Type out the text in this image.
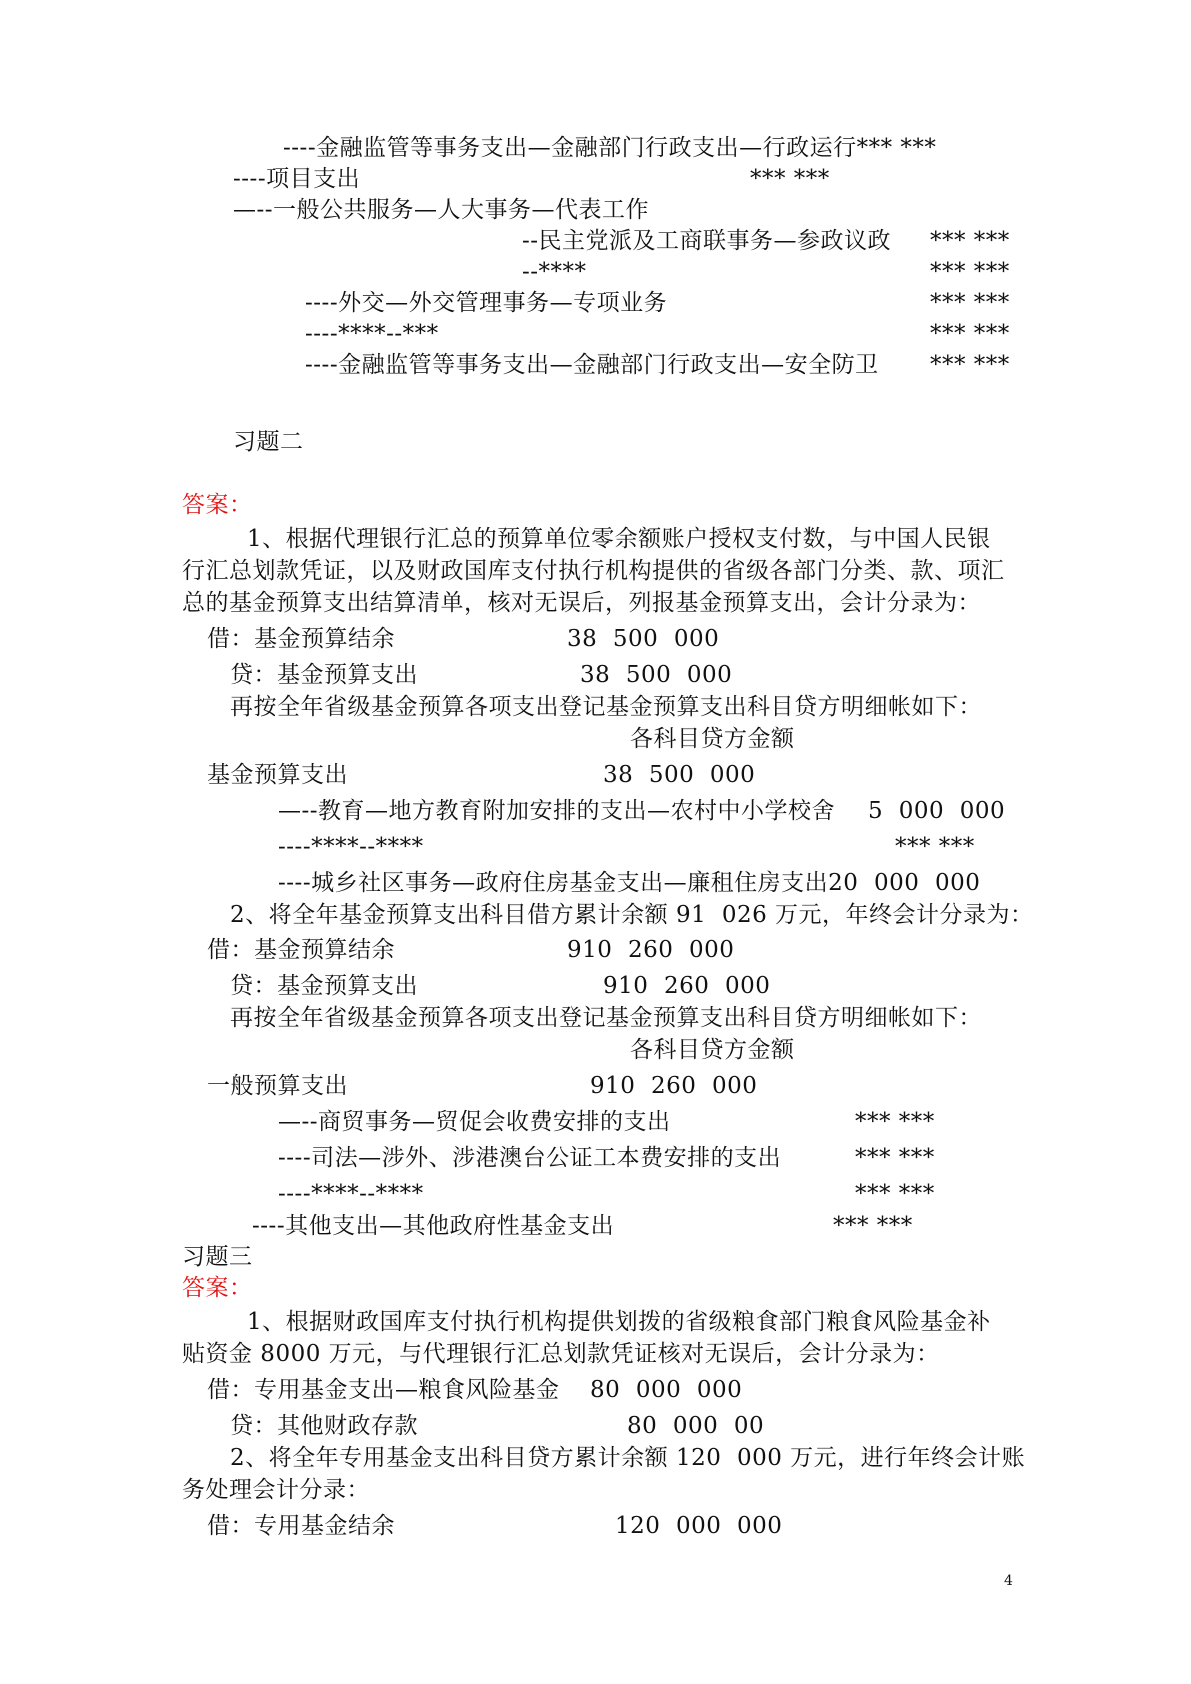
----金融监管等事务支出—金融部门行政支出—行政运行*** ***
----项目支出	*** ***
—--一般公共服务—人大事务—代表工作
--民主党派及工商联事务—参政议政 *** ***
--****	*** ***
----外交—外交管理事务—专项业务	*** ***
----****--***	*** ***
----金融监管等事务支出—金融部门行政支出—安全防卫 *** ***
习题二
答案：
1、根据代理银行汇总的预算单位零余额账户授权支付数，与中国人民银
行汇总划款凭证，以及财政国库支付执行机构提供的省级各部门分类、款、项汇
总的基金预算支出结算清单，核对无误后，列报基金预算支出，会计分录为：
借：基金预算结余	38  500  000
贷：基金预算支出	38  500  000
再按全年省级基金预算各项支出登记基金预算支出科目贷方明细帐如下：
各科目贷方金额
基金预算支出	38  500  000
—--教育—地方教育附加安排的支出—农村中小学校舍 5  000  000
----****--****	*** ***
----城乡社区事务—政府住房基金支出—廉租住房支出20  000  000
2、将全年基金预算支出科目借方累计余额 91  026 万元，年终会计分录为：
借：基金预算结余	910  260  000
贷：基金预算支出	910  260  000
再按全年省级基金预算各项支出登记基金预算支出科目贷方明细帐如下：
各科目贷方金额
一般预算支出	910  260  000
—--商贸事务—贸促会收费安排的支出	*** ***
----司法—涉外、涉港澳台公证工本费安排的支出	*** ***
----****--****	*** ***
----其他支出—其他政府性基金支出	*** ***
习题三
答案：
1、根据财政国库支付执行机构提供划拨的省级粮食部门粮食风险基金补
贴资金 8000 万元，与代理银行汇总划款凭证核对无误后，会计分录为：
借：专用基金支出—粮食风险基金 80  000  000
贷：其他财政存款	80  000  00
2、将全年专用基金支出科目贷方累计余额 120  000 万元，进行年终会计账
务处理会计分录：
借：专用基金结余	120  000  000
4
